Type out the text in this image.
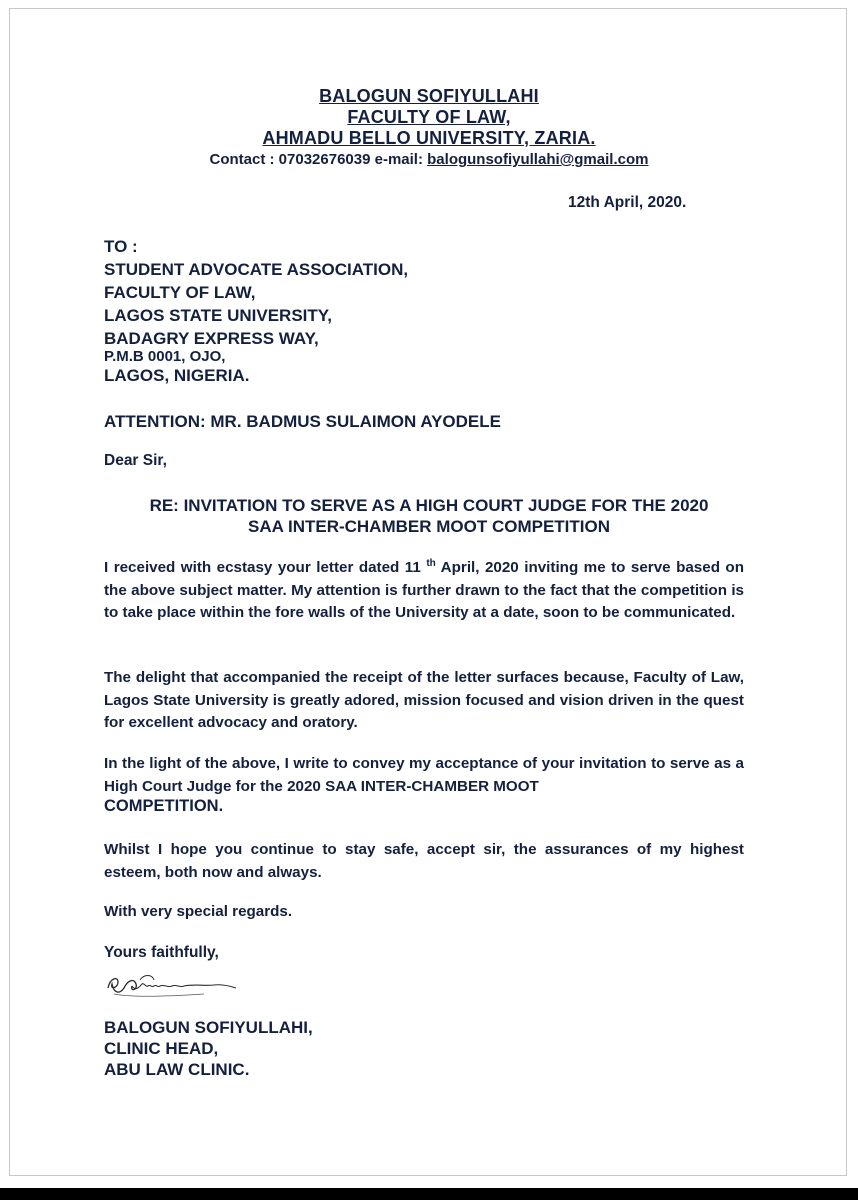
BALOGUN SOFIYULLAHI
FACULTY OF LAW,
AHMADU BELLO UNIVERSITY, ZARIA.
Contact : 07032676039 e-mail: balogunsofiyullahi@gmail.com
12th April, 2020.
TO :
STUDENT ADVOCATE ASSOCIATION,
FACULTY OF LAW,
LAGOS STATE UNIVERSITY,
BADAGRY EXPRESS WAY,
P.M.B 0001, OJO,
LAGOS, NIGERIA.
ATTENTION: MR. BADMUS SULAIMON AYODELE
Dear Sir,
RE: INVITATION TO SERVE AS A HIGH COURT JUDGE FOR THE 2020
SAA INTER-CHAMBER MOOT COMPETITION
I received with ecstasy your letter dated 11 $^{th}$ April, 2020 inviting me to serve based on the above subject matter. My attention is further drawn to the fact that the competition is to take place within the fore walls of the University at a date, soon to be communicated.
The delight that accompanied the receipt of the letter surfaces because, Faculty of Law, Lagos State University is greatly adored, mission focused and vision driven in the quest for excellent advocacy and oratory.
In the light of the above, I write to convey my acceptance of your invitation to serve as a High Court Judge for the 2020 SAA INTER-CHAMBER MOOT
COMPETITION.
Whilst I hope you continue to stay safe, accept sir, the assurances of my highest esteem, both now and always.
With very special regards.
Yours faithfully,
BALOGUN SOFIYULLAHI,
CLINIC HEAD,
ABU LAW CLINIC.
